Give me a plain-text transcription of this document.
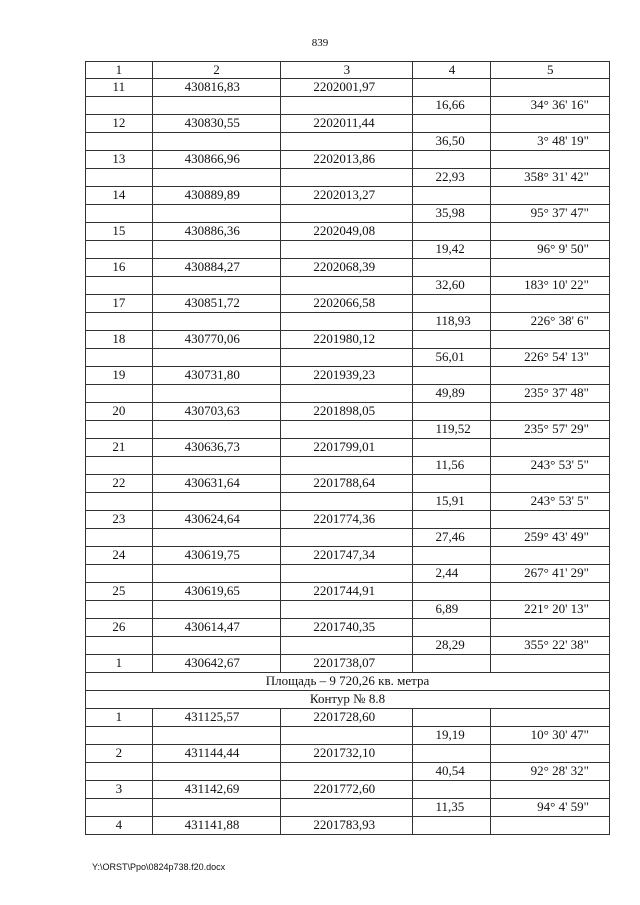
839
1	2	3	4	5
11	430816,83	2202001,97		
			16,66	34° 36' 16"
12	430830,55	2202011,44		
			36,50	3° 48' 19"
13	430866,96	2202013,86		
			22,93	358° 31' 42"
14	430889,89	2202013,27		
			35,98	95° 37' 47"
15	430886,36	2202049,08		
			19,42	96° 9' 50"
16	430884,27	2202068,39		
			32,60	183° 10' 22"
17	430851,72	2202066,58		
			118,93	226° 38' 6"
18	430770,06	2201980,12		
			56,01	226° 54' 13"
19	430731,80	2201939,23		
			49,89	235° 37' 48"
20	430703,63	2201898,05		
			119,52	235° 57' 29"
21	430636,73	2201799,01		
			11,56	243° 53' 5"
22	430631,64	2201788,64		
			15,91	243° 53' 5"
23	430624,64	2201774,36		
			27,46	259° 43' 49"
24	430619,75	2201747,34		
			2,44	267° 41' 29"
25	430619,65	2201744,91		
			6,89	221° 20' 13"
26	430614,47	2201740,35		
			28,29	355° 22' 38"
1	430642,67	2201738,07		
Площадь – 9 720,26 кв. метра				
Контур № 8.8				
1	431125,57	2201728,60		
			19,19	10° 30' 47"
2	431144,44	2201732,10		
			40,54	92° 28' 32"
3	431142,69	2201772,60		
			11,35	94° 4' 59"
4	431141,88	2201783,93		
Y:\ORST\Ppo\0824p738.f20.docx
